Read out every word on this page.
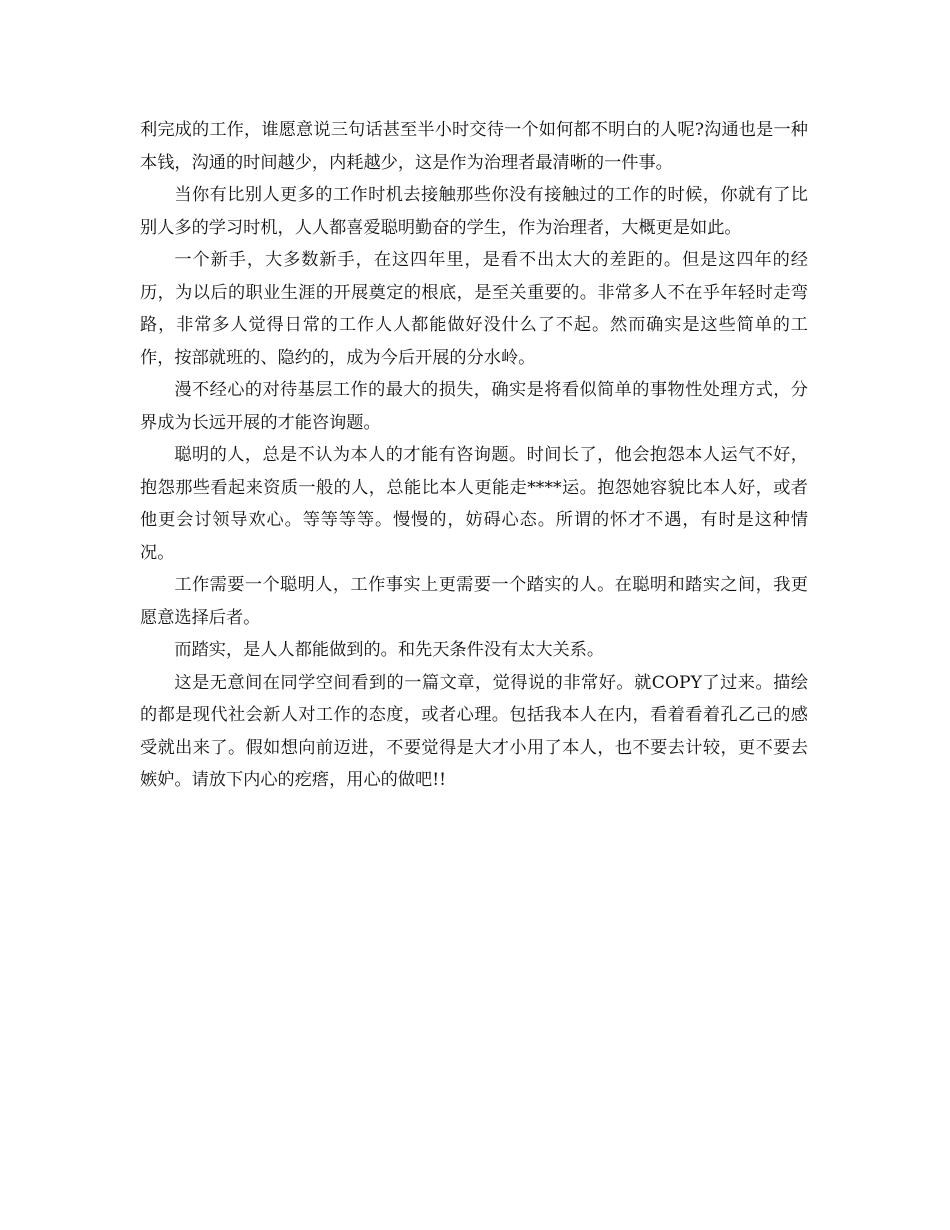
利完成的工作，谁愿意说三句话甚至半小时交待一个如何都不明白的人呢?沟通也是一种本钱，沟通的时间越少，内耗越少，这是作为治理者最清晰的一件事。

当你有比别人更多的工作时机去接触那些你没有接触过的工作的时候，你就有了比别人多的学习时机，人人都喜爱聪明勤奋的学生，作为治理者，大概更是如此。

一个新手，大多数新手，在这四年里，是看不出太大的差距的。但是这四年的经历，为以后的职业生涯的开展奠定的根底，是至关重要的。非常多人不在乎年轻时走弯路，非常多人觉得日常的工作人人都能做好没什么了不起。然而确实是这些简单的工作，按部就班的、隐约的，成为今后开展的分水岭。

漫不经心的对待基层工作的最大的损失，确实是将看似简单的事物性处理方式，分界成为长远开展的才能咨询题。

聪明的人，总是不认为本人的才能有咨询题。时间长了，他会抱怨本人运气不好，抱怨那些看起来资质一般的人，总能比本人更能走****运。抱怨她容貌比本人好，或者他更会讨领导欢心。等等等等。慢慢的，妨碍心态。所谓的怀才不遇，有时是这种情况。

工作需要一个聪明人，工作事实上更需要一个踏实的人。在聪明和踏实之间，我更愿意选择后者。

而踏实，是人人都能做到的。和先天条件没有太大关系。

这是无意间在同学空间看到的一篇文章，觉得说的非常好。就COPY了过来。描绘的都是现代社会新人对工作的态度，或者心理。包括我本人在内，看着看着孔乙己的感受就出来了。假如想向前迈进，不要觉得是大才小用了本人，也不要去计较，更不要去嫉妒。请放下内心的疙瘩，用心的做吧!!
